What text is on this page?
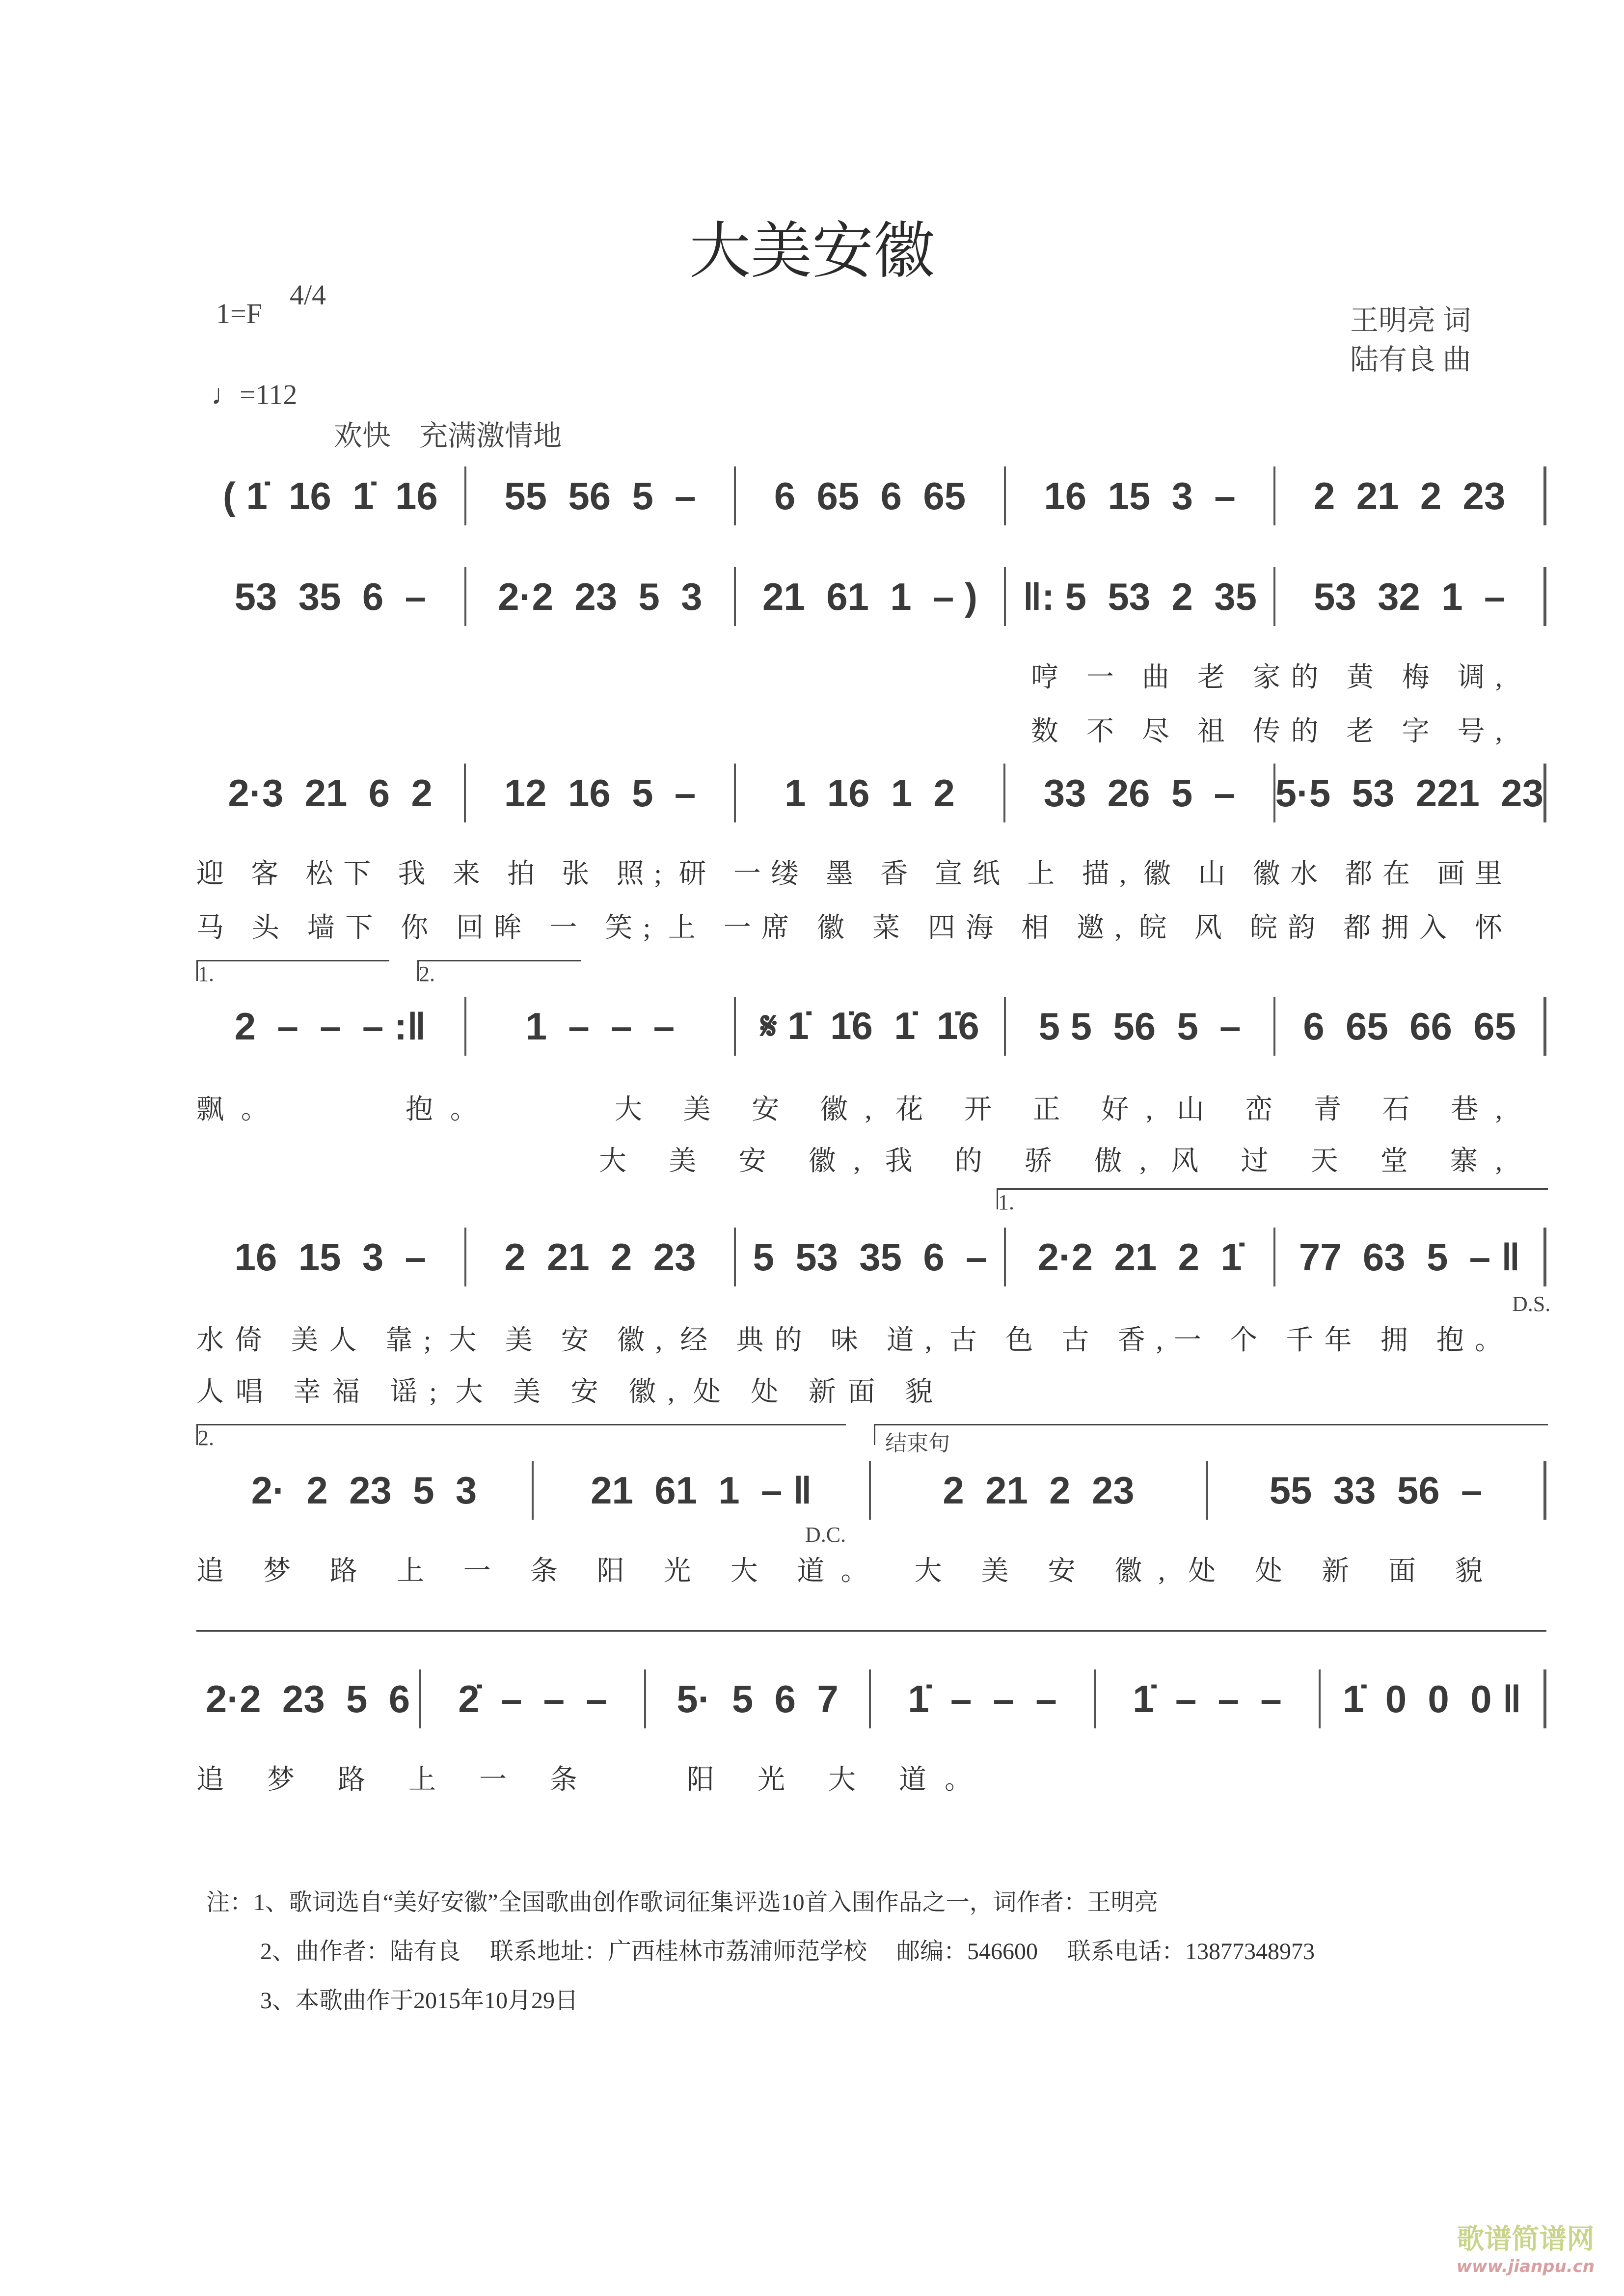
大美安徽
1=F
4/4
♩=112
欢快　充满激情地
王明亮 词
陆有良 曲
( 1̇  16  1̇  16	55  56  5  –	6  65  6  65	16  15  3  –	2  21  2  23
53  35  6  –	2·2  23  5  3	21  61  1  – )	‖: 5  53  2  35	53  32  1  –
2·3  21  6  2	12  16  5  –	1  16  1  2	33  26  5  –	5·5  53  221  23
2  –  –  – :‖	1  –  –  –	𝄋 1̇  1̇6  1̇  1̇6	5 5  56  5  –	6  65  66  65
16  15  3  –	2  21  2  23	5  53  35  6  –	2·2  21  2  1̇	77  63  5  – ‖
2·  2  23  5  3	21  61  1  – ‖	2  21  2  23	55  33  56  –
2·2  23  5  6	2̇  –  –  –	5·  5  6  7	1̇  –  –  –	1̇  –  –  –	1̇  0  0  0 ‖
1.	2.
1.
D.S.
2.
D.C.
结束句
注：1、歌词选自“美好安徽”全国歌曲创作歌词征集评选10首入围作品之一，词作者：王明亮
2、曲作者：陆有良　 联系地址：广西桂林市荔浦师范学校　 邮编：546600　 联系电话：13877348973
3、本歌曲作于2015年10月29日
歌谱简谱网
www.jianpu.cn
哼 一 曲 老 家的 黄 梅 调,
数 不 尽 祖 传的 老 字 号,
迎 客 松下 我 来 拍 张 照; 研 一缕 墨 香 宣纸 上 描, 徽 山 徽水 都在 画里
马 头 墙下 你 回眸 一 笑; 上 一席 徽 菜 四海 相 邀, 皖 风 皖韵 都拥入 怀
飘。　　　抱。　　　大 美 安 徽, 花 开 正 好, 山 峦 青 石 巷,
大 美 安 徽, 我 的 骄 傲, 风 过 天 堂 寨,
水倚 美人 靠; 大 美 安 徽, 经 典的 味 道, 古 色 古 香,一 个 千年 拥 抱。
人唱 幸福 谣; 大 美 安 徽, 处 处 新面 貌
追 梦 路 上 一 条 阳 光 大 道。　大 美 安 徽, 处 处 新 面 貌
追 梦 路 上 一 条　　阳 光 大 道。
